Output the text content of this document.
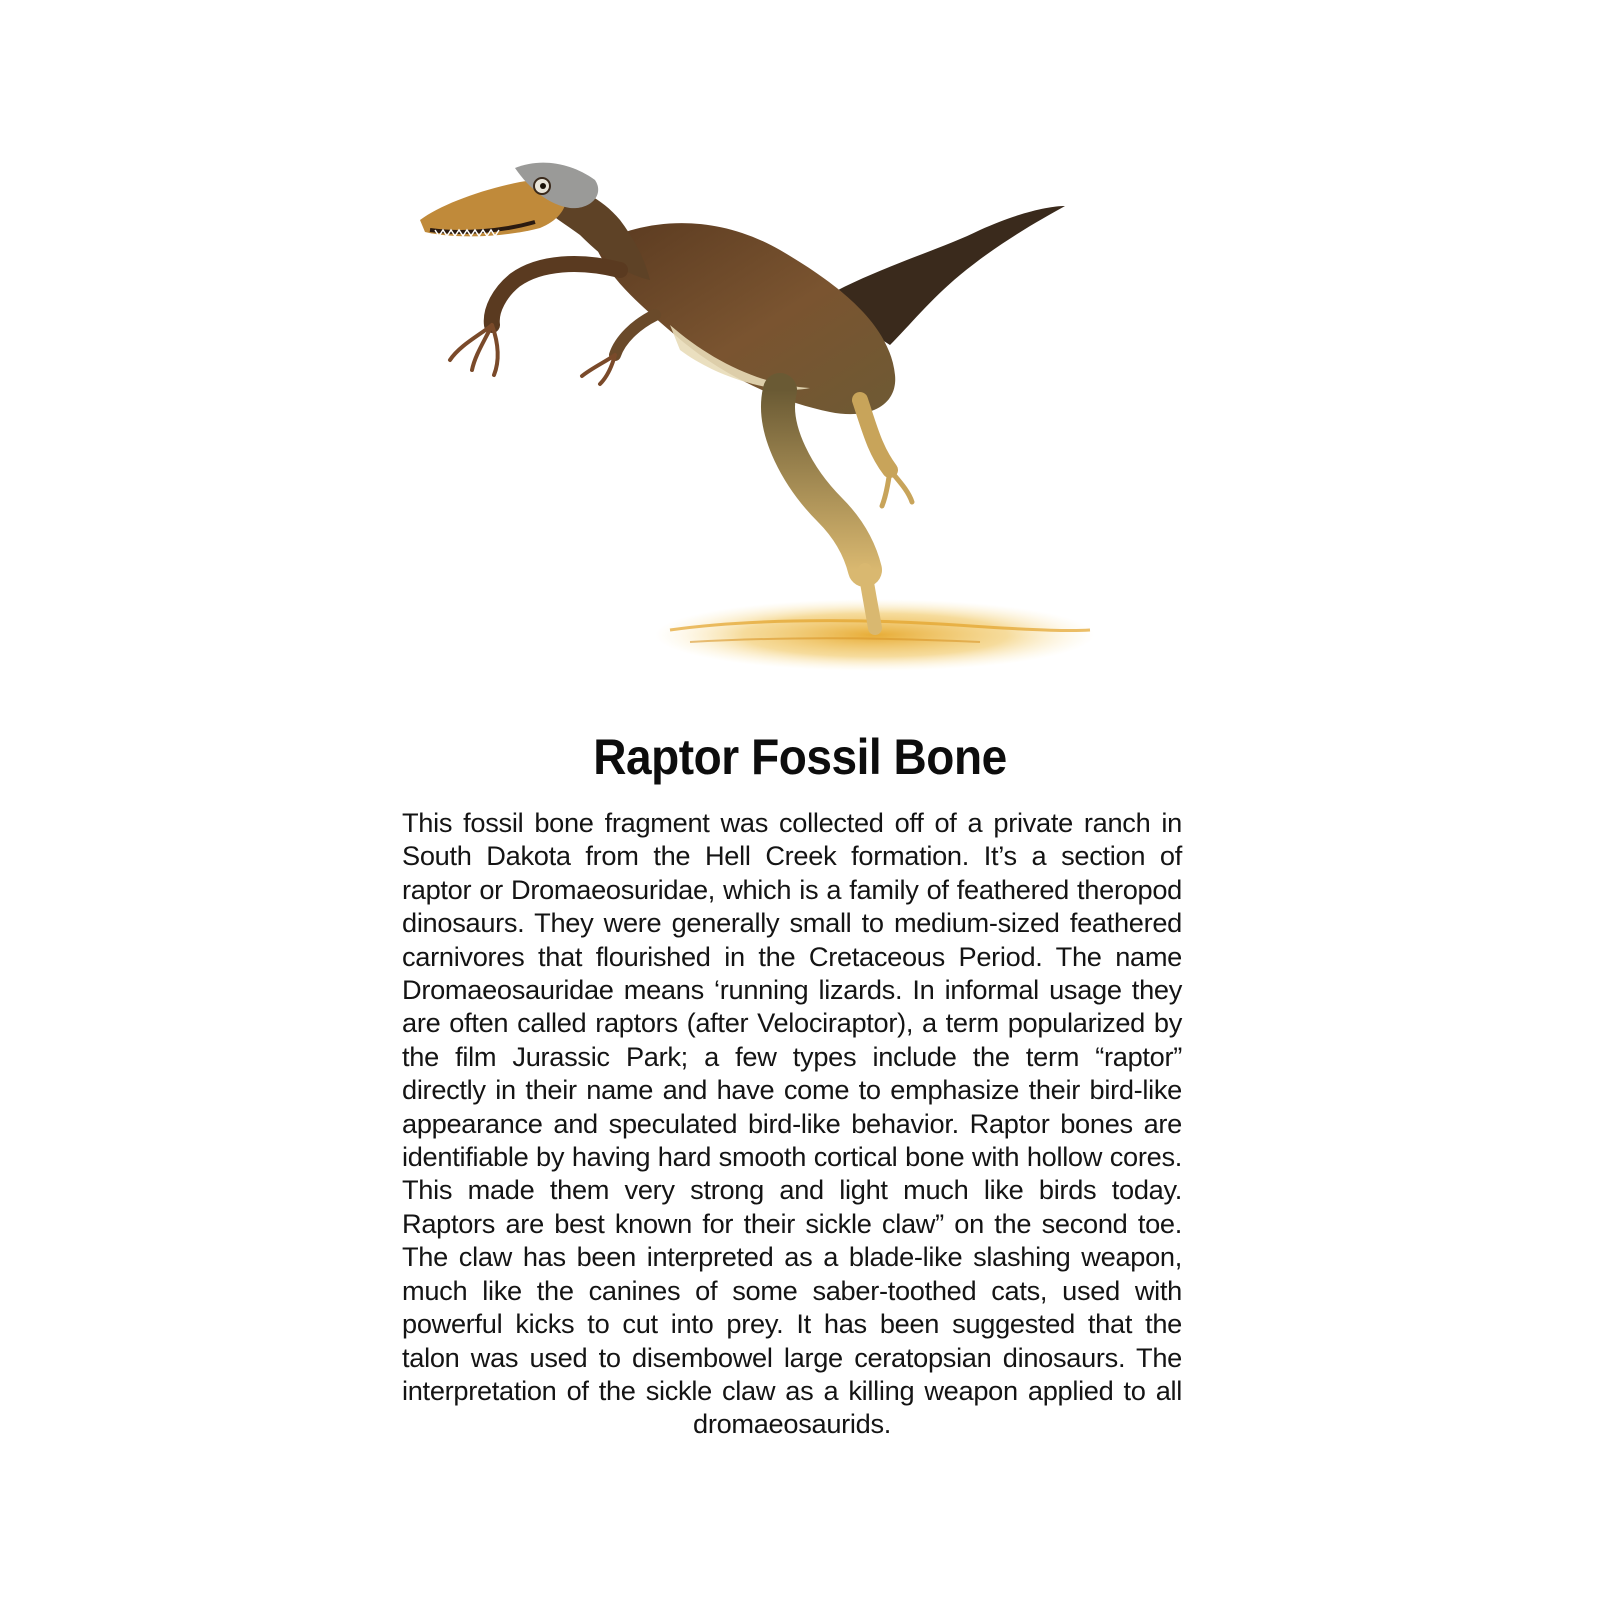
Raptor Fossil Bone

This fossil bone fragment was collected off of a private ranch in South Dakota from the Hell Creek formation. It’s a section of raptor or Dromaeosuridae, which is a family of feathered theropod dinosaurs. They were generally small to medium-sized feathered carnivores that flourished in the Cretaceous Period. The name Dromaeosauridae means ‘running lizards. In informal usage they are often called raptors (after Velociraptor), a term popularized by the film Jurassic Park; a few types include the term “raptor” directly in their name and have come to emphasize their bird-like appearance and speculated bird-like behavior. Raptor bones are identifiable by having hard smooth cortical bone with hollow cores. This made them very strong and light much like birds today. Raptors are best known for their sickle claw” on the second toe. The claw has been interpreted as a blade-like slashing weapon, much like the canines of some saber-toothed cats, used with powerful kicks to cut into prey. It has been suggested that the talon was used to disembowel large ceratopsian dinosaurs. The interpretation of the sickle claw as a killing weapon applied to all dromaeosaurids.
